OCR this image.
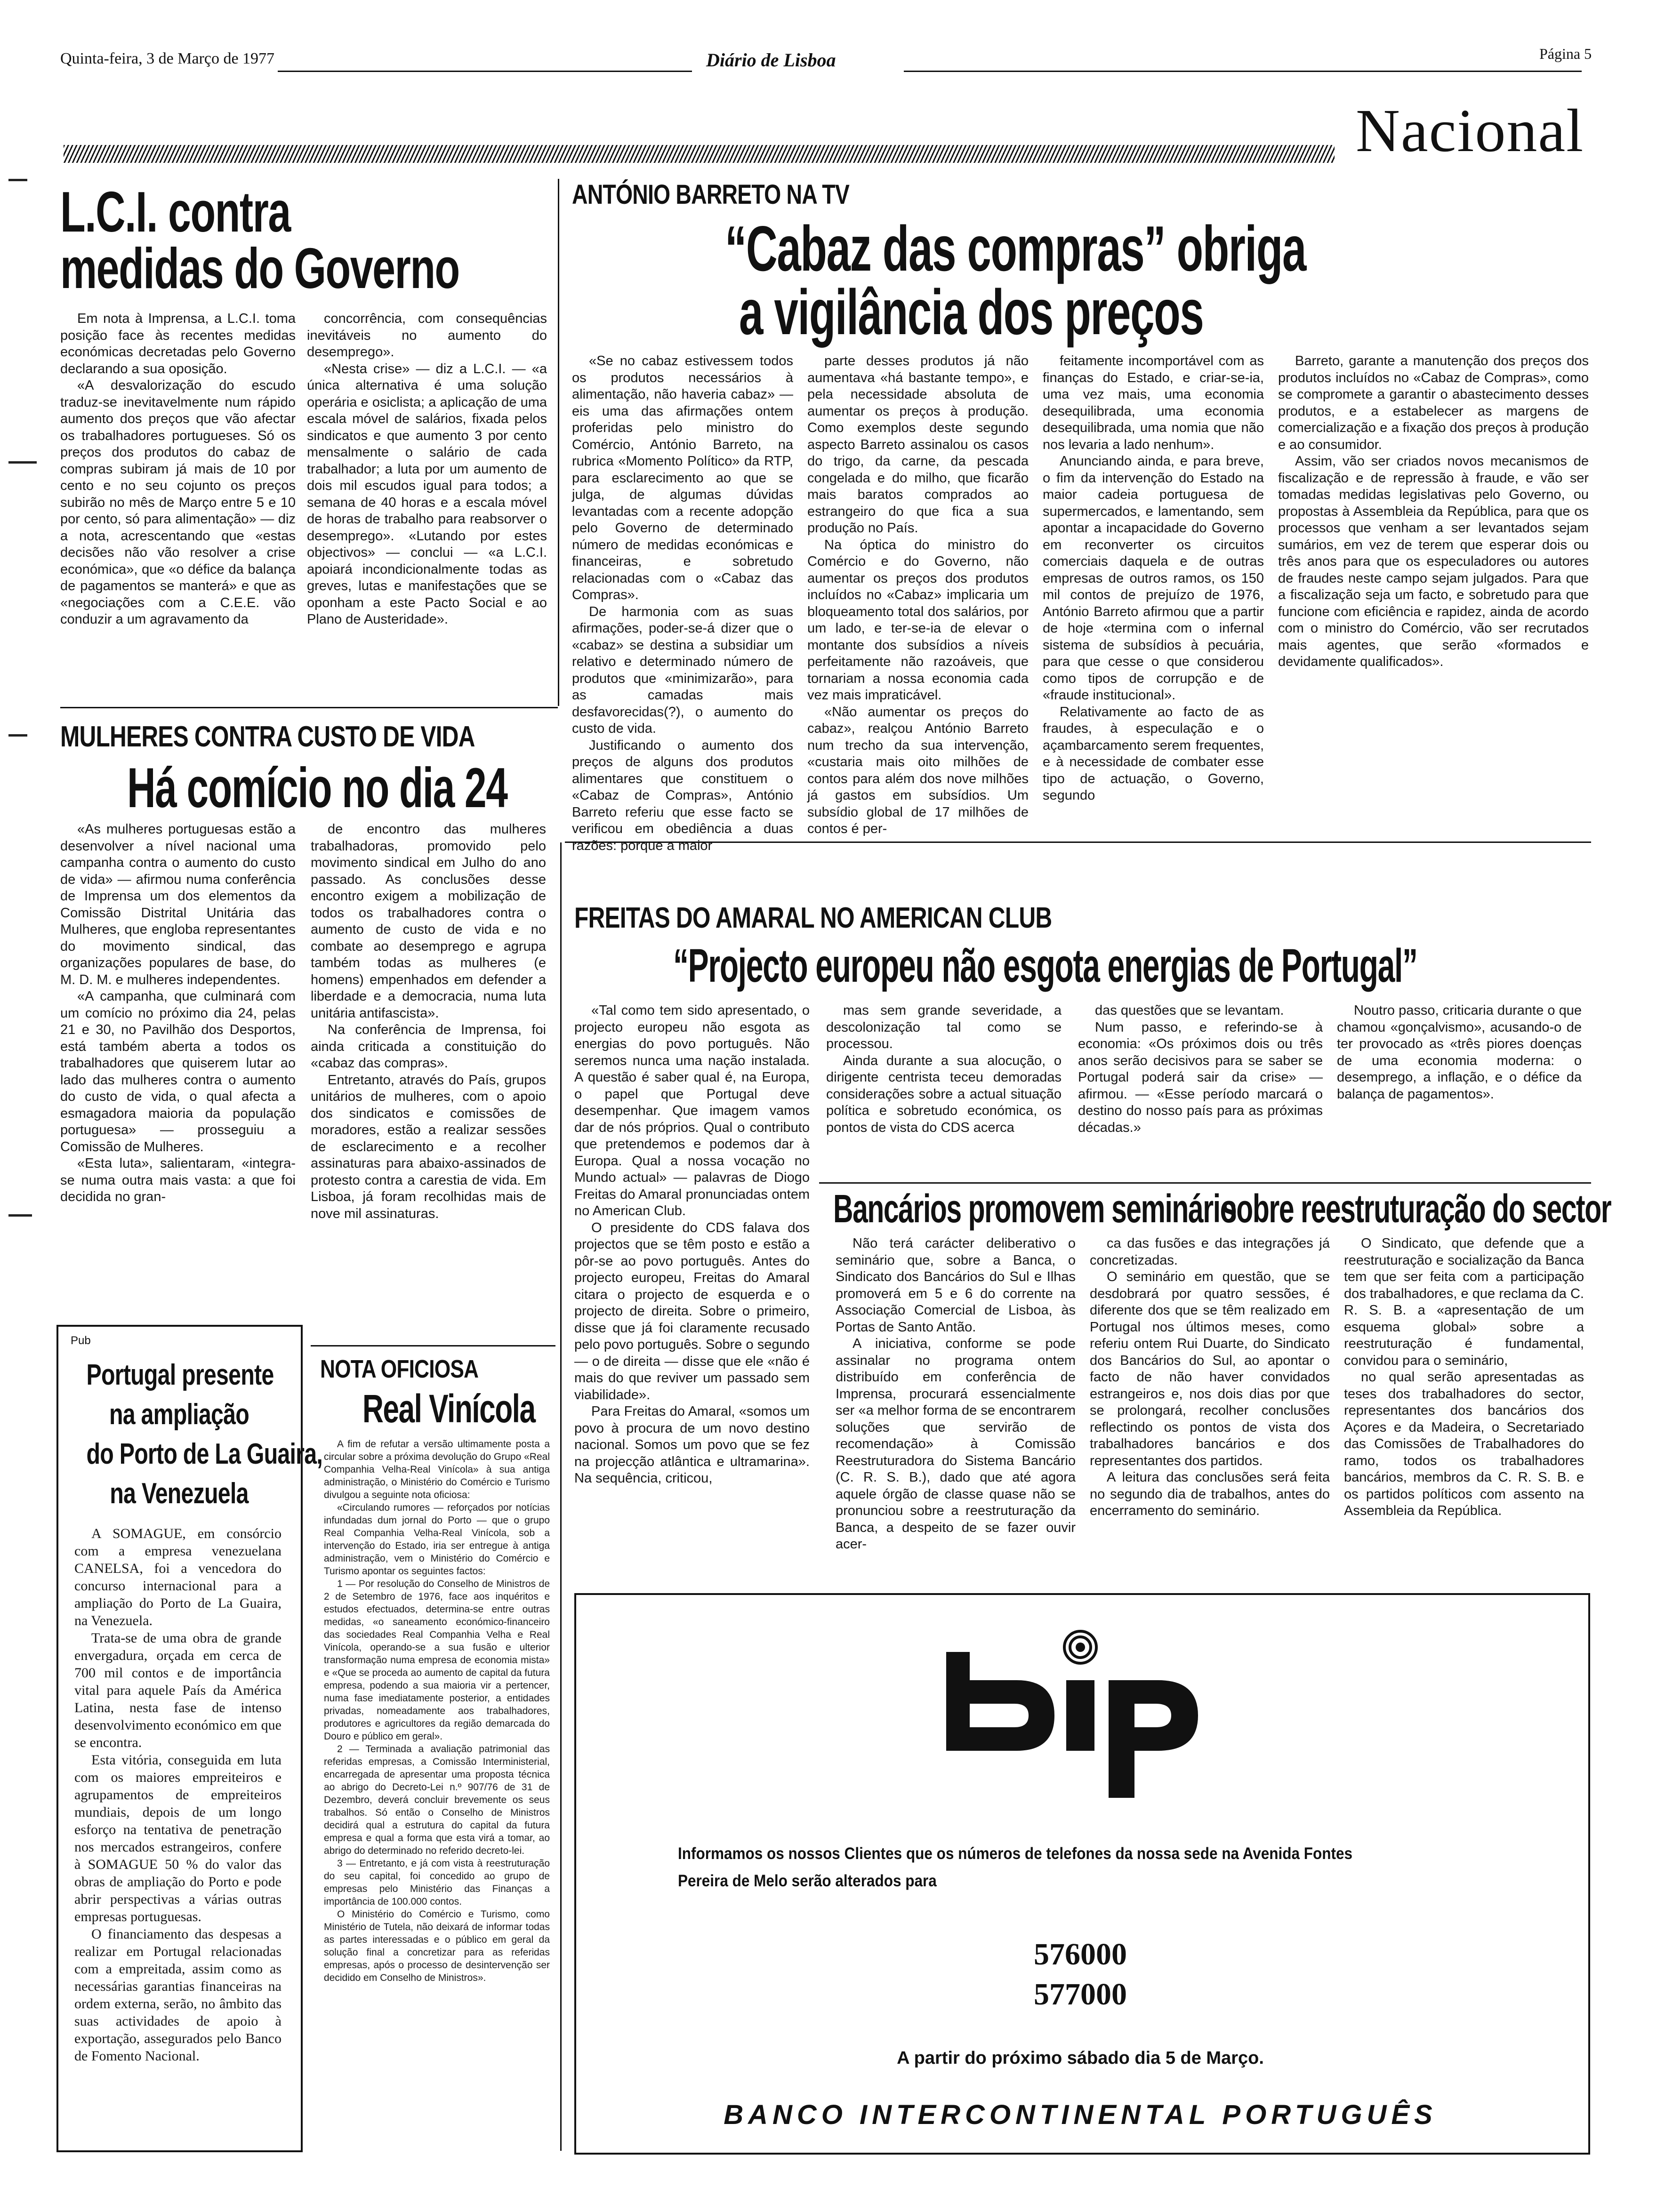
Quinta-feira, 3 de Março de 1977	Diário de Lisboa	Página 5
Nacional
L.C.I. contra
medidas do Governo

Em nota à Imprensa, a L.C.I. toma posição face às recentes medidas económicas decretadas pelo Governo declarando a sua oposição.

«A desvalorização do escudo traduz-se inevitavelmente num rápido aumento dos preços que vão afectar os trabalhadores portugueses. Só os preços dos produtos do cabaz de compras subiram já mais de 10 por cento e no seu cojunto os preços subirão no mês de Março entre 5 e 10 por cento, só para alimentação» — diz a nota, acrescentando que «estas decisões não vão resolver a crise económica», que «o défice da balança de pagamentos se manterá» e que as «negociações com a C.E.E. vão conduzir a um agravamento da

concorrência, com consequências inevitáveis no aumento do desemprego».

«Nesta crise» — diz a L.C.I. — «a única alternativa é uma solução operária e osiclista; a aplicação de uma escala móvel de salários, fixada pelos sindicatos e que aumento 3 por cento mensalmente o salário de cada trabalhador; a luta por um aumento de dois mil escudos igual para todos; a semana de 40 horas e a escala móvel de horas de trabalho para reabsorver o desemprego». «Lutando por estes objectivos» — conclui — «a L.C.I. apoiará incondicionalmente todas as greves, lutas e manifestações que se oponham a este Pacto Social e ao Plano de Austeridade».

ANTÓNIO BARRETO NA TV
“Cabaz das compras” obriga
a vigilância dos preços

«Se no cabaz estivessem todos os produtos necessários à alimentação, não haveria cabaz» — eis uma das afirmações ontem proferidas pelo ministro do Comércio, António Barreto, na rubrica «Momento Político» da RTP, para esclarecimento ao que se julga, de algumas dúvidas levantadas com a recente adopção pelo Governo de determinado número de medidas económicas e financeiras, e sobretudo relacionadas com o «Cabaz das Compras».

De harmonia com as suas afirmações, poder-se-á dizer que o «cabaz» se destina a subsidiar um relativo e determinado número de produtos que «minimizarão», para as camadas mais desfavorecidas(?), o aumento do custo de vida.

Justificando o aumento dos preços de alguns dos produtos alimentares que constituem o «Cabaz de Compras», António Barreto referiu que esse facto se verificou em obediência a duas razões: porque a maior

parte desses produtos já não aumentava «há bastante tempo», e pela necessidade absoluta de aumentar os preços à produção. Como exemplos deste segundo aspecto Barreto assinalou os casos do trigo, da carne, da pescada congelada e do milho, que ficarão mais baratos comprados ao estrangeiro do que fica a sua produção no País.

Na óptica do ministro do Comércio e do Governo, não aumentar os preços dos produtos incluídos no «Cabaz» implicaria um bloqueamento total dos salários, por um lado, e ter-se-ia de elevar o montante dos subsídios a níveis perfeitamente não razoáveis, que tornariam a nossa economia cada vez mais impraticável.

«Não aumentar os preços do cabaz», realçou António Barreto num trecho da sua intervenção, «custaria mais oito milhões de contos para além dos nove milhões já gastos em subsídios. Um subsídio global de 17 milhões de contos é per-

feitamente incomportável com as finanças do Estado, e criar-se-ia, uma vez mais, uma economia desequilibrada, uma economia desequilibrada, uma nomia que não nos levaria a lado nenhum».

Anunciando ainda, e para breve, o fim da intervenção do Estado na maior cadeia portuguesa de supermercados, e lamentando, sem apontar a incapacidade do Governo em reconverter os circuitos comerciais daquela e de outras empresas de outros ramos, os 150 mil contos de prejuízo de 1976, António Barreto afirmou que a partir de hoje «termina com o infernal sistema de subsídios à pecuária, para que cesse o que considerou como tipos de corrupção e de «fraude institucional».

Relativamente ao facto de as fraudes, à especulação e o açambarcamento serem frequentes, e à necessidade de combater esse tipo de actuação, o Governo, segundo

Barreto, garante a manutenção dos preços dos produtos incluídos no «Cabaz de Compras», como se compromete a garantir o abastecimento desses produtos, e a estabelecer as margens de comercialização e a fixação dos preços à produção e ao consumidor.

Assim, vão ser criados novos mecanismos de fiscalização e de repressão à fraude, e vão ser tomadas medidas legislativas pelo Governo, ou propostas à Assembleia da República, para que os processos que venham a ser levantados sejam sumários, em vez de terem que esperar dois ou três anos para que os especuladores ou autores de fraudes neste campo sejam julgados. Para que a fiscalização seja um facto, e sobretudo para que funcione com eficiência e rapidez, ainda de acordo com o ministro do Comércio, vão ser recrutados mais agentes, que serão «formados e devidamente qualificados».

MULHERES CONTRA CUSTO DE VIDA
Há comício no dia 24

«As mulheres portuguesas estão a desenvolver a nível nacional uma campanha contra o aumento do custo de vida» — afirmou numa conferência de Imprensa um dos elementos da Comissão Distrital Unitária das Mulheres, que engloba representantes do movimento sindical, das organizações populares de base, do M. D. M. e mulheres independentes.

«A campanha, que culminará com um comício no próximo dia 24, pelas 21 e 30, no Pavilhão dos Desportos, está também aberta a todos os trabalhadores que quiserem lutar ao lado das mulheres contra o aumento do custo de vida, o qual afecta a esmagadora maioria da população portuguesa» — prosseguiu a Comissão de Mulheres.

«Esta luta», salientaram, «integra-se numa outra mais vasta: a que foi decidida no gran-

de encontro das mulheres trabalhadoras, promovido pelo movimento sindical em Julho do ano passado. As conclusões desse encontro exigem a mobilização de todos os trabalhadores contra o aumento de custo de vida e no combate ao desemprego e agrupa também todas as mulheres (e homens) empenhados em defender a liberdade e a democracia, numa luta unitária antifascista».

Na conferência de Imprensa, foi ainda criticada a constituição do «cabaz das compras».

Entretanto, através do País, grupos unitários de mulheres, com o apoio dos sindicatos e comissões de moradores, estão a realizar sessões de esclarecimento e a recolher assinaturas para abaixo-assinados de protesto contra a carestia de vida. Em Lisboa, já foram recolhidas mais de nove mil assinaturas.

Pub
Portugal presente
na ampliação
do Porto de La Guaira,
na Venezuela

A SOMAGUE, em consórcio com a empresa venezuelana CANELSA, foi a vencedora do concurso internacional para a ampliação do Porto de La Guaira, na Venezuela.

Trata-se de uma obra de grande envergadura, orçada em cerca de 700 mil contos e de importância vital para aquele País da América Latina, nesta fase de intenso desenvolvimento económico em que se encontra.

Esta vitória, conseguida em luta com os maiores empreiteiros e agrupamentos de empreiteiros mundiais, depois de um longo esforço na tentativa de penetração nos mercados estrangeiros, confere à SOMAGUE 50 % do valor das obras de ampliação do Porto e pode abrir perspectivas a várias outras empresas portuguesas.

O financiamento das despesas a realizar em Portugal relacionadas com a empreitada, assim como as necessárias garantias financeiras na ordem externa, serão, no âmbito das suas actividades de apoio à exportação, assegurados pelo Banco de Fomento Nacional.

NOTA OFICIOSA
Real Vinícola

A fim de refutar a versão ultimamente posta a circular sobre a próxima devolução do Grupo «Real Companhia Velha-Real Vinícola» à sua antiga administração, o Ministério do Comércio e Turismo divulgou a seguinte nota oficiosa:

«Circulando rumores — reforçados por notícias infundadas dum jornal do Porto — que o grupo Real Companhia Velha-Real Vinícola, sob a intervenção do Estado, iria ser entregue à antiga administração, vem o Ministério do Comércio e Turismo apontar os seguintes factos:

1 — Por resolução do Conselho de Ministros de 2 de Setembro de 1976, face aos inquéritos e estudos efectuados, determina-se entre outras medidas, «o saneamento económico-financeiro das sociedades Real Companhia Velha e Real Vinícola, operando-se a sua fusão e ulterior transformação numa empresa de economia mista» e «Que se proceda ao aumento de capital da futura empresa, podendo a sua maioria vir a pertencer, numa fase imediatamente posterior, a entidades privadas, nomeadamente aos trabalhadores, produtores e agricultores da região demarcada do Douro e público em geral».

2 — Terminada a avaliação patrimonial das referidas empresas, a Comissão Interministerial, encarregada de apresentar uma proposta técnica ao abrigo do Decreto-Lei n.º 907/76 de 31 de Dezembro, deverá concluir brevemente os seus trabalhos. Só então o Conselho de Ministros decidirá qual a estrutura do capital da futura empresa e qual a forma que esta virá a tomar, ao abrigo do determinado no referido decreto-lei.

3 — Entretanto, e já com vista à reestruturação do seu capital, foi concedido ao grupo de empresas pelo Ministério das Finanças a importância de 100.000 contos.

O Ministério do Comércio e Turismo, como Ministério de Tutela, não deixará de informar todas as partes interessadas e o público em geral da solução final a concretizar para as referidas empresas, após o processo de desintervenção ser decidido em Conselho de Ministros».

FREITAS DO AMARAL NO AMERICAN CLUB
“Projecto europeu não esgota energias de Portugal”

«Tal como tem sido apresentado, o projecto europeu não esgota as energias do povo português. Não seremos nunca uma nação instalada. A questão é saber qual é, na Europa, o papel que Portugal deve desempenhar. Que imagem vamos dar de nós próprios. Qual o contributo que pretendemos e podemos dar à Europa. Qual a nossa vocação no Mundo actual» — palavras de Diogo Freitas do Amaral pronunciadas ontem no American Club.

O presidente do CDS falava dos projectos que se têm posto e estão a pôr-se ao povo português. Antes do projecto europeu, Freitas do Amaral citara o projecto de esquerda e o projecto de direita. Sobre o primeiro, disse que já foi claramente recusado pelo povo português. Sobre o segundo — o de direita — disse que ele «não é mais do que reviver um passado sem viabilidade».

Para Freitas do Amaral, «somos um povo à procura de um novo destino nacional. Somos um povo que se fez na projecção atlântica e ultramarina». Na sequência, criticou,

mas sem grande severidade, a descolonização tal como se processou.

Ainda durante a sua alocução, o dirigente centrista teceu demoradas considerações sobre a actual situação política e sobretudo económica, os pontos de vista do CDS acerca

das questões que se levantam.

Num passo, e referindo-se à economia: «Os próximos dois ou três anos serão decisivos para se saber se Portugal poderá sair da crise» — afirmou. — «Esse período marcará o destino do nosso país para as próximas décadas.»

Noutro passo, criticaria durante o que chamou «gonçalvismo», acusando-o de ter provocado as «três piores doenças de uma economia moderna: o desemprego, a inflação, e o défice da balança de pagamentos».

Bancários promovem seminário
sobre reestruturação do sector

Não terá carácter deliberativo o seminário que, sobre a Banca, o Sindicato dos Bancários do Sul e Ilhas promoverá em 5 e 6 do corrente na Associação Comercial de Lisboa, às Portas de Santo Antão.

A iniciativa, conforme se pode assinalar no programa ontem distribuído em conferência de Imprensa, procurará essencialmente ser «a melhor forma de se encontrarem soluções que servirão de recomendação» à Comissão Reestruturadora do Sistema Bancário (C. R. S. B.), dado que até agora aquele órgão de classe quase não se pronunciou sobre a reestruturação da Banca, a despeito de se fazer ouvir acer-

ca das fusões e das integrações já concretizadas.

O seminário em questão, que se desdobrará por quatro sessões, é diferente dos que se têm realizado em Portugal nos últimos meses, como referiu ontem Rui Duarte, do Sindicato dos Bancários do Sul, ao apontar o facto de não haver convidados estrangeiros e, nos dois dias por que se prolongará, recolher conclusões reflectindo os pontos de vista dos trabalhadores bancários e dos representantes dos partidos.

A leitura das conclusões será feita no segundo dia de trabalhos, antes do encerramento do seminário.

O Sindicato, que defende que a reestruturação e socialização da Banca tem que ser feita com a participação dos trabalhadores, e que reclama da C. R. S. B. a «apresentação de um esquema global» sobre a reestruturação é fundamental, convidou para o seminário,

no qual serão apresentadas as teses dos trabalhadores do sector, representantes dos bancários dos Açores e da Madeira, o Secretariado das Comissões de Trabalhadores do ramo, todos os trabalhadores bancários, membros da C. R. S. B. e os partidos políticos com assento na Assembleia da República.

BIP
Informamos os nossos Clientes que os números de telefones da nossa sede na Avenida Fontes Pereira de Melo serão alterados para
576000
577000
A partir do próximo sábado dia 5 de Março.
BANCO INTERCONTINENTAL PORTUGUÊS
